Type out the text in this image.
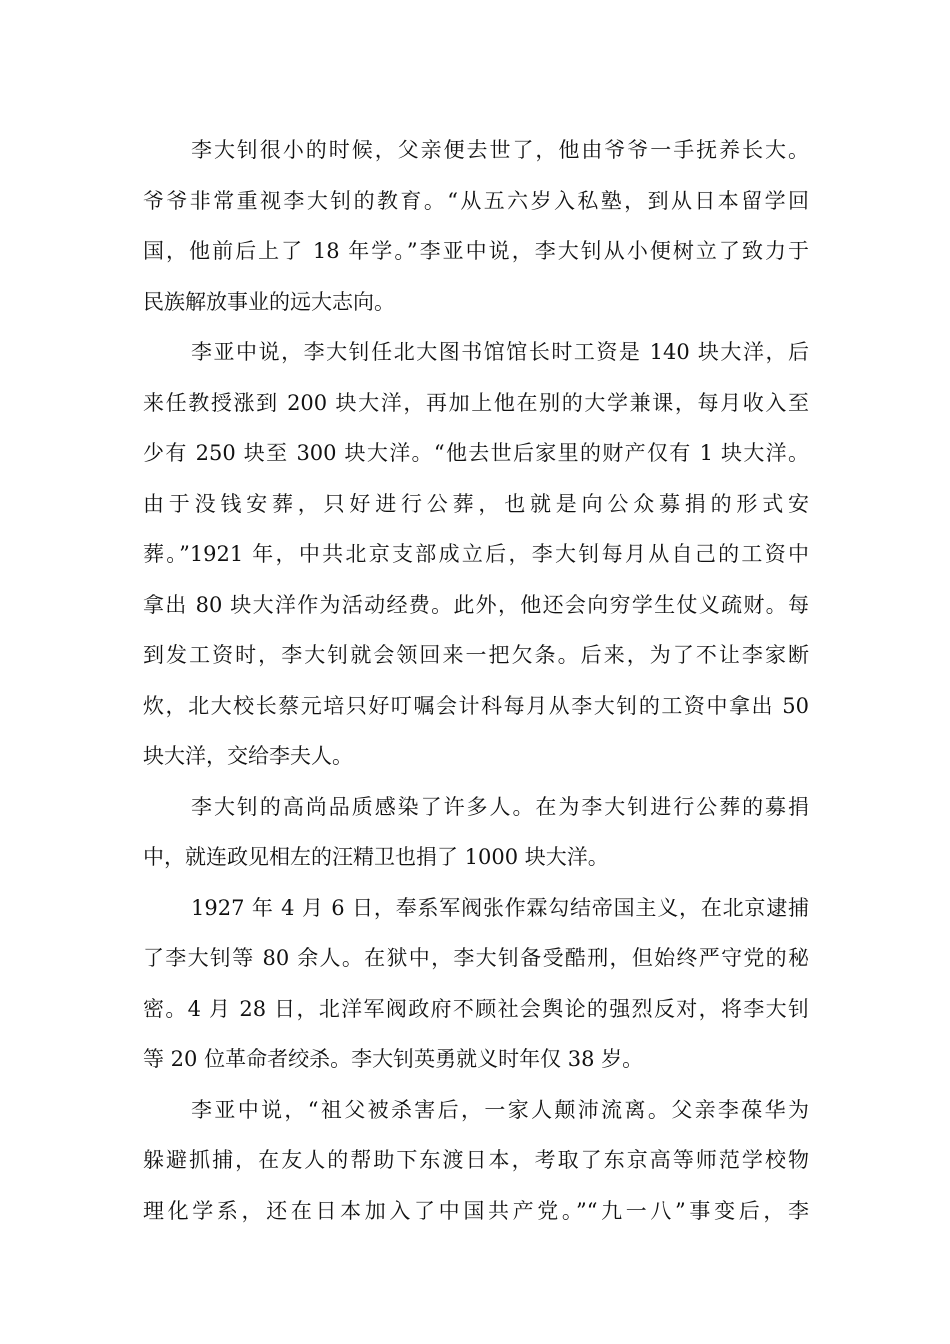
李大钊很小的时候，父亲便去世了，他由爷爷一手抚养长大。
爷爷非常重视李大钊的教育。“从五六岁入私塾，到从日本留学回
国，他前后上了 18 年学。”李亚中说，李大钊从小便树立了致力于
民族解放事业的远大志向。
李亚中说，李大钊任北大图书馆馆长时工资是 140 块大洋，后
来任教授涨到 200 块大洋，再加上他在别的大学兼课，每月收入至
少有 250 块至 300 块大洋。“他去世后家里的财产仅有 1 块大洋。
由于没钱安葬，只好进行公葬，也就是向公众募捐的形式安
葬。”1921 年，中共北京支部成立后，李大钊每月从自己的工资中
拿出 80 块大洋作为活动经费。此外，他还会向穷学生仗义疏财。每
到发工资时，李大钊就会领回来一把欠条。后来，为了不让李家断
炊，北大校长蔡元培只好叮嘱会计科每月从李大钊的工资中拿出 50
块大洋，交给李夫人。
李大钊的高尚品质感染了许多人。在为李大钊进行公葬的募捐
中，就连政见相左的汪精卫也捐了 1000 块大洋。
1927 年 4 月 6 日，奉系军阀张作霖勾结帝国主义，在北京逮捕
了李大钊等 80 余人。在狱中，李大钊备受酷刑，但始终严守党的秘
密。4 月 28 日，北洋军阀政府不顾社会舆论的强烈反对，将李大钊
等 20 位革命者绞杀。李大钊英勇就义时年仅 38 岁。
李亚中说，“祖父被杀害后，一家人颠沛流离。父亲李葆华为
躲避抓捕，在友人的帮助下东渡日本，考取了东京高等师范学校物
理化学系，还在日本加入了中国共产党。”“九一八”事变后，李
